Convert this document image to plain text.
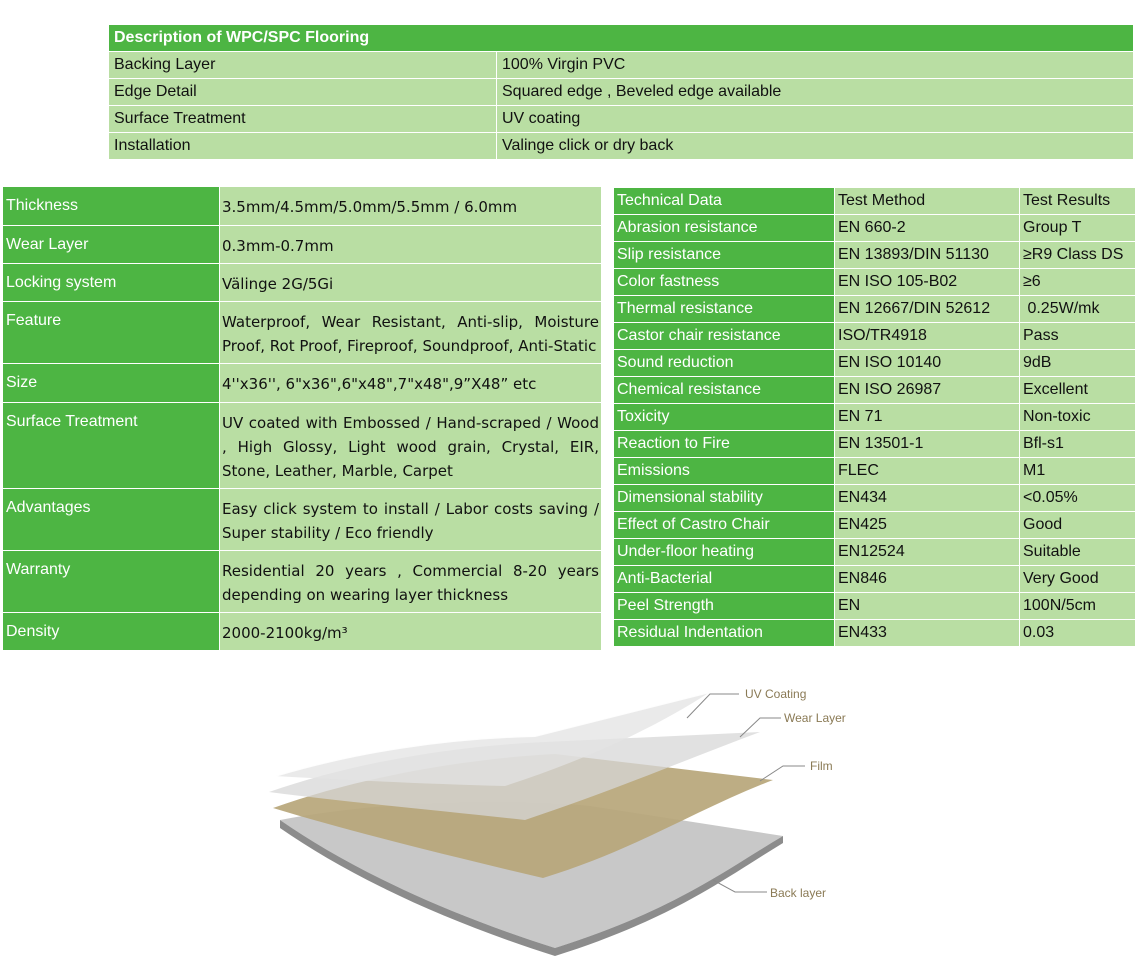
Description of WPC/SPC Flooring	
Backing Layer	100% Virgin PVC
Edge Detail	Squared edge , Beveled edge available
Surface Treatment	UV coating
Installation	Valinge click or dry back
Thickness	3.5mm/4.5mm/5.0mm/5.5mm / 6.0mm
Wear Layer	0.3mm-0.7mm
Locking system	Välinge 2G/5Gi
Feature	Waterproof, Wear Resistant, Anti-slip, Moisture Proof, Rot Proof, Fireproof, Soundproof, Anti-Static
Size	4''x36'', 6"x36",6"x48",7"x48",9”X48” etc
Surface Treatment	UV coated with Embossed / Hand-scraped / Wood , High Glossy, Light wood grain, Crystal, EIR, Stone, Leather, Marble, Carpet
Advantages	Easy click system to install / Labor costs saving / Super stability / Eco friendly
Warranty	Residential 20 years , Commercial 8-20 years depending on wearing layer thickness
Density	2000-2100kg/m³
Technical Data	Test Method	Test Results
Abrasion resistance	EN 660-2	Group T
Slip resistance	EN 13893/DIN 51130	≥R9 Class DS
Color fastness	EN ISO 105-B02	≥6
Thermal resistance	EN 12667/DIN 52612	0.25W/mk
Castor chair resistance	ISO/TR4918	Pass
Sound reduction	EN ISO 10140	9dB
Chemical resistance	EN ISO 26987	Excellent
Toxicity	EN 71	Non-toxic
Reaction to Fire	EN 13501-1	Bfl-s1
Emissions	FLEC	M1
Dimensional stability	EN434	<0.05%
Effect of Castro Chair	EN425	Good
Under-floor heating	EN12524	Suitable
Anti-Bacterial	EN846	Very Good
Peel Strength	EN	100N/5cm
Residual Indentation	EN433	0.03
UV Coating
Wear Layer
Film
Back layer
